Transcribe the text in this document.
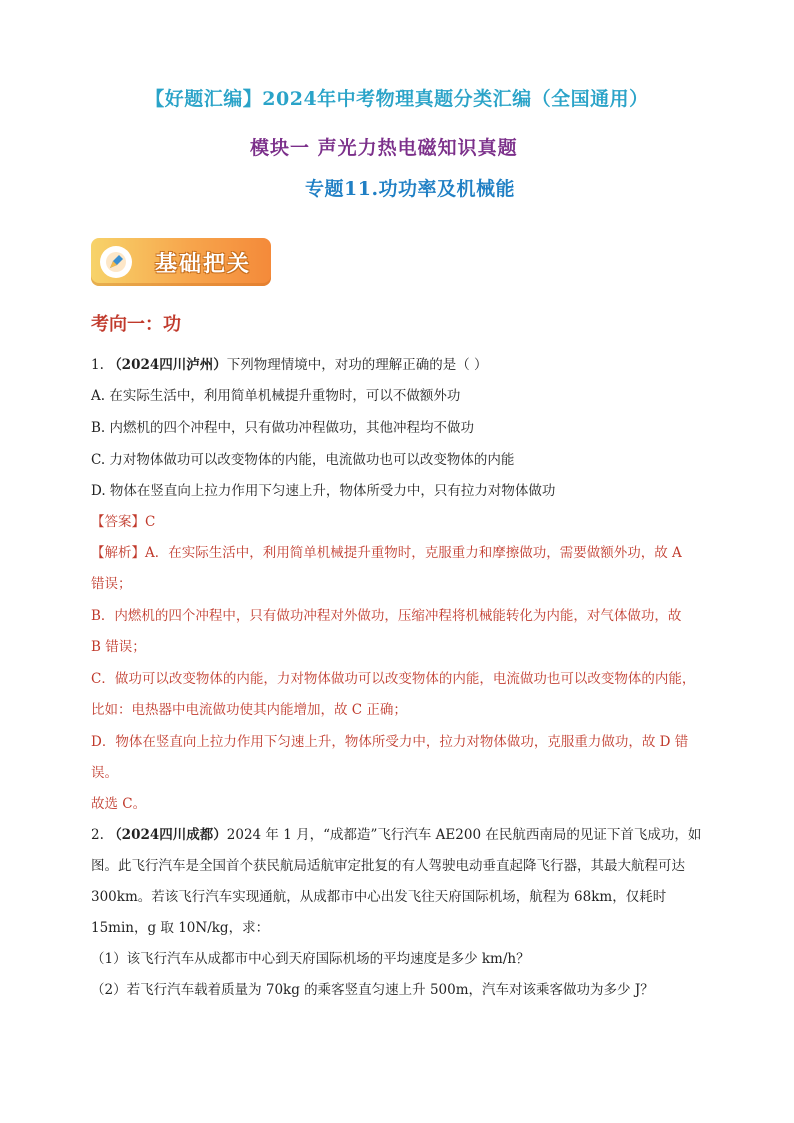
【好题汇编】2024年中考物理真题分类汇编（全国通用）
模块一 声光力热电磁知识真题
专题11.功功率及机械能
基础把关
考向一：功
1. （2024四川泸州）下列物理情境中，对功的理解正确的是（ ）
A. 在实际生活中，利用简单机械提升重物时，可以不做额外功
B. 内燃机的四个冲程中，只有做功冲程做功，其他冲程均不做功
C. 力对物体做功可以改变物体的内能，电流做功也可以改变物体的内能
D. 物体在竖直向上拉力作用下匀速上升，物体所受力中，只有拉力对物体做功
【答案】C
【解析】A．在实际生活中，利用简单机械提升重物时，克服重力和摩擦做功，需要做额外功，故 A
错误；
B．内燃机的四个冲程中，只有做功冲程对外做功，压缩冲程将机械能转化为内能，对气体做功，故
B 错误；
C．做功可以改变物体的内能，力对物体做功可以改变物体的内能，电流做功也可以改变物体的内能，
比如：电热器中电流做功使其内能增加，故 C 正确；
D．物体在竖直向上拉力作用下匀速上升，物体所受力中，拉力对物体做功，克服重力做功，故 D 错
误。
故选 C。
2. （2024四川成都）2024 年 1 月，“成都造”飞行汽车 AE200 在民航西南局的见证下首飞成功，如
图。此飞行汽车是全国首个获民航局适航审定批复的有人驾驶电动垂直起降飞行器，其最大航程可达
300km。若该飞行汽车实现通航，从成都市中心出发飞往天府国际机场，航程为 68km，仅耗时
15min，g 取 10N/kg，求：
（1）该飞行汽车从成都市中心到天府国际机场的平均速度是多少 km/h？
（2）若飞行汽车载着质量为 70kg 的乘客竖直匀速上升 500m，汽车对该乘客做功为多少 J？
